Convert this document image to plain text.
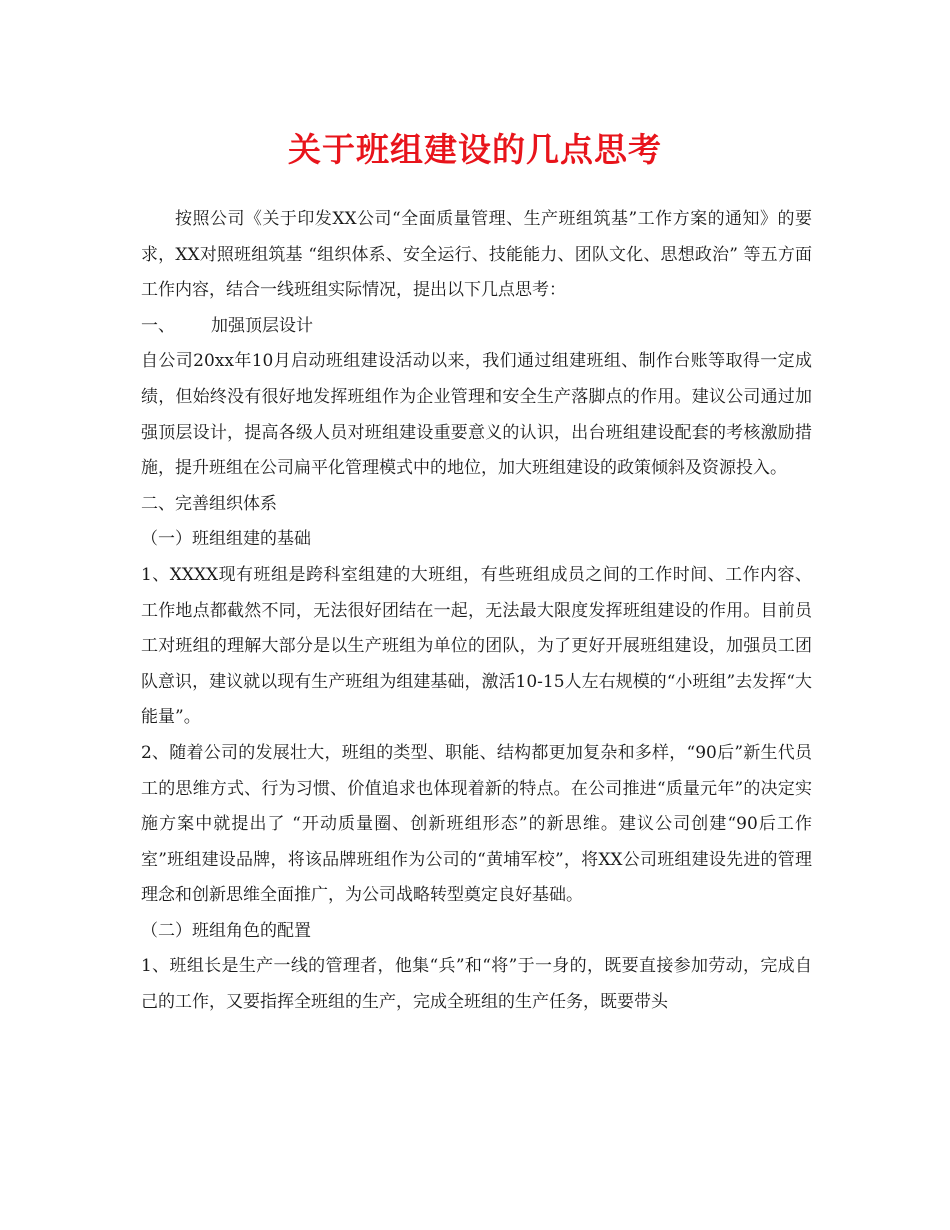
关于班组建设的几点思考

按照公司《关于印发XX公司“全面质量管理、生产班组筑基”工作方案的通知》的要求，XX对照班组筑基 “组织体系、安全运行、技能能力、团队文化、思想政治” 等五方面工作内容，结合一线班组实际情况，提出以下几点思考：

一、 加强顶层设计

自公司20xx年10月启动班组建设活动以来，我们通过组建班组、制作台账等取得一定成绩，但始终没有很好地发挥班组作为企业管理和安全生产落脚点的作用。建议公司通过加强顶层设计，提高各级人员对班组建设重要意义的认识，出台班组建设配套的考核激励措施，提升班组在公司扁平化管理模式中的地位，加大班组建设的政策倾斜及资源投入。

二、完善组织体系

（一）班组组建的基础

1、XXXX现有班组是跨科室组建的大班组，有些班组成员之间的工作时间、工作内容、工作地点都截然不同，无法很好团结在一起，无法最大限度发挥班组建设的作用。目前员工对班组的理解大部分是以生产班组为单位的团队，为了更好开展班组建设，加强员工团队意识，建议就以现有生产班组为组建基础，激活10-15人左右规模的“小班组”去发挥“大能量”。

2、随着公司的发展壮大，班组的类型、职能、结构都更加复杂和多样，“90后”新生代员工的思维方式、行为习惯、价值追求也体现着新的特点。在公司推进“质量元年”的决定实施方案中就提出了 “开动质量圈、创新班组形态”的新思维。建议公司创建“90后工作室”班组建设品牌，将该品牌班组作为公司的“黄埔军校”，将XX公司班组建设先进的管理理念和创新思维全面推广，为公司战略转型奠定良好基础。

（二）班组角色的配置

1、班组长是生产一线的管理者，他集“兵”和“将”于一身的，既要直接参加劳动，完成自己的工作，又要指挥全班组的生产，完成全班组的生产任务，既要带头
